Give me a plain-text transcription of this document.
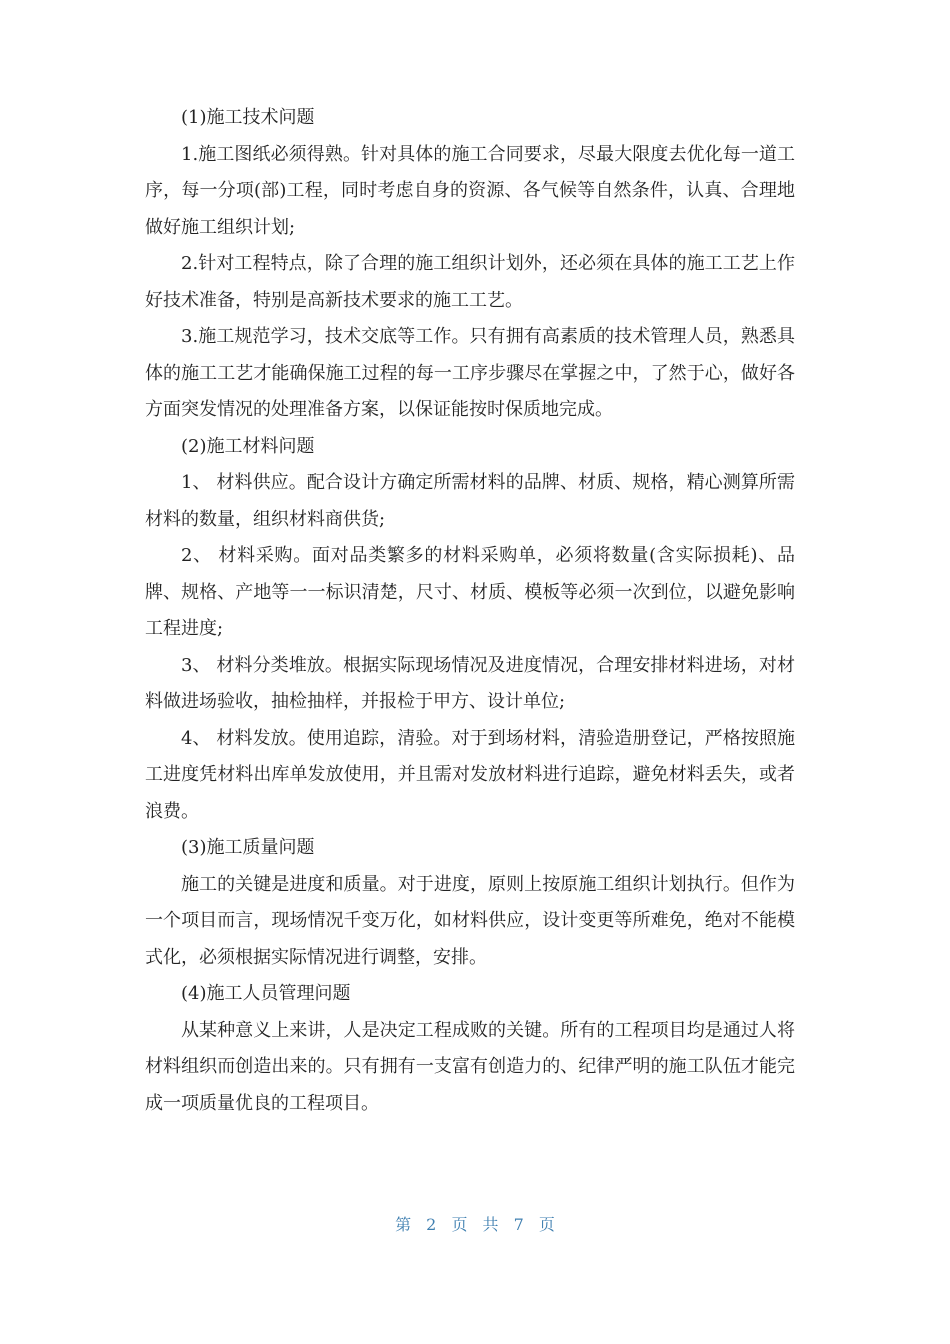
(1)施工技术问题

1.施工图纸必须得熟。针对具体的施工合同要求，尽最大限度去优化每一道工序，每一分项(部)工程，同时考虑自身的资源、各气候等自然条件，认真、合理地做好施工组织计划;

2.针对工程特点，除了合理的施工组织计划外，还必须在具体的施工工艺上作好技术准备，特别是高新技术要求的施工工艺。

3.施工规范学习，技术交底等工作。只有拥有高素质的技术管理人员，熟悉具体的施工工艺才能确保施工过程的每一工序步骤尽在掌握之中，了然于心，做好各方面突发情况的处理准备方案，以保证能按时保质地完成。

(2)施工材料问题

1、 材料供应。配合设计方确定所需材料的品牌、材质、规格，精心测算所需材料的数量，组织材料商供货;

2、 材料采购。面对品类繁多的材料采购单，必须将数量(含实际损耗)、品牌、规格、产地等一一标识清楚，尺寸、材质、模板等必须一次到位，以避免影响工程进度;

3、 材料分类堆放。根据实际现场情况及进度情况，合理安排材料进场，对材料做进场验收，抽检抽样，并报检于甲方、设计单位;

4、 材料发放。使用追踪，清验。对于到场材料，清验造册登记，严格按照施工进度凭材料出库单发放使用，并且需对发放材料进行追踪，避免材料丢失，或者浪费。

(3)施工质量问题

施工的关键是进度和质量。对于进度，原则上按原施工组织计划执行。但作为一个项目而言，现场情况千变万化，如材料供应，设计变更等所难免，绝对不能模式化，必须根据实际情况进行调整，安排。

(4)施工人员管理问题

从某种意义上来讲，人是决定工程成败的关键。所有的工程项目均是通过人将材料组织而创造出来的。只有拥有一支富有创造力的、纪律严明的施工队伍才能完成一项质量优良的工程项目。

第 2 页 共 7 页
